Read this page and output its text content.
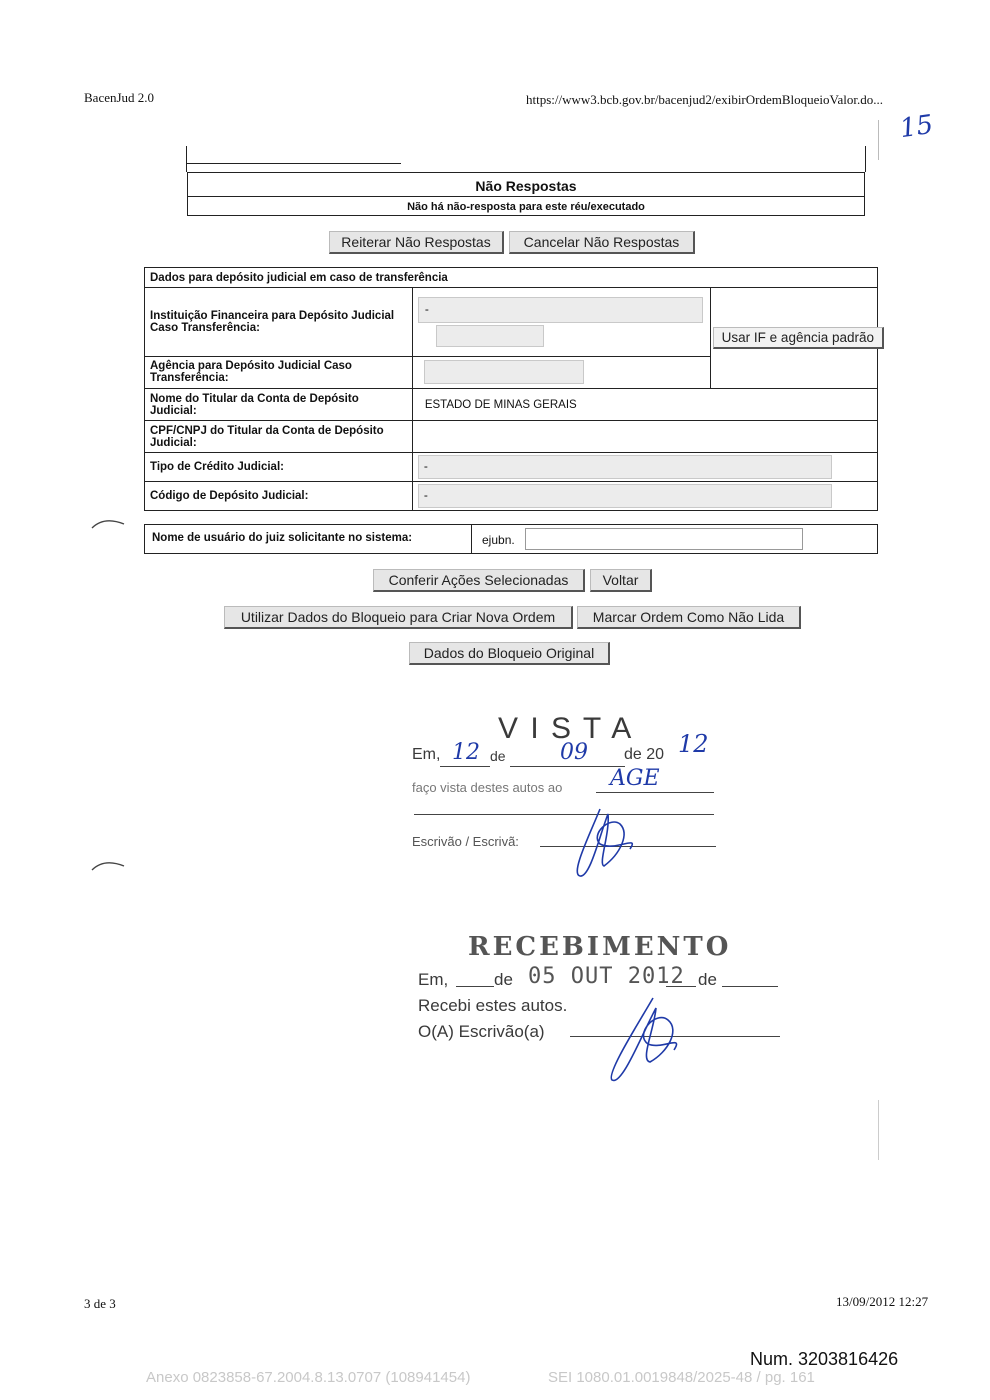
BacenJud 2.0	https://www3.bcb.gov.br/bacenjud2/exibirOrdemBloqueioValor.do...
15
Não Respostas
Não há não-resposta para este réu/executado
Reiterar Não Respostas	Cancelar Não Respostas
Dados para depósito judicial em caso de transferência		
Instituição Financeira para Depósito Judicial Caso Transferência:	-	Usar IF e agência padrão

Agência para Depósito Judicial Caso Transferência:		

Nome do Titular da Conta de Depósito Judicial:	ESTADO DE MINAS GERAIS	
CPF/CNPJ do Titular da Conta de Depósito Judicial:		
Tipo de Crédito Judicial:	-	

Código de Depósito Judicial:	-	
Nome de usuário do juiz solicitante no sistema:	ejubn.
Conferir Ações Selecionadas	Voltar
Utilizar Dados do Bloqueio para Criar Nova Ordem	Marcar Ordem Como Não Lida
Dados do Bloqueio Original
V I S T A
Em, 12 de 09 de 20 12
faço vista destes autos ao AGE
Escrivão / Escrivã:
RECEBIMENTO
Em,	de 05 OUT 2012 de
Recebi estes autos.
O(A) Escrivão(a)
3 de 3	13/09/2012 12:27
Num. 3203816426
Anexo 0823858-67.2004.8.13.0707 (108941454)	SEI 1080.01.0019848/2025-48 / pg. 161
